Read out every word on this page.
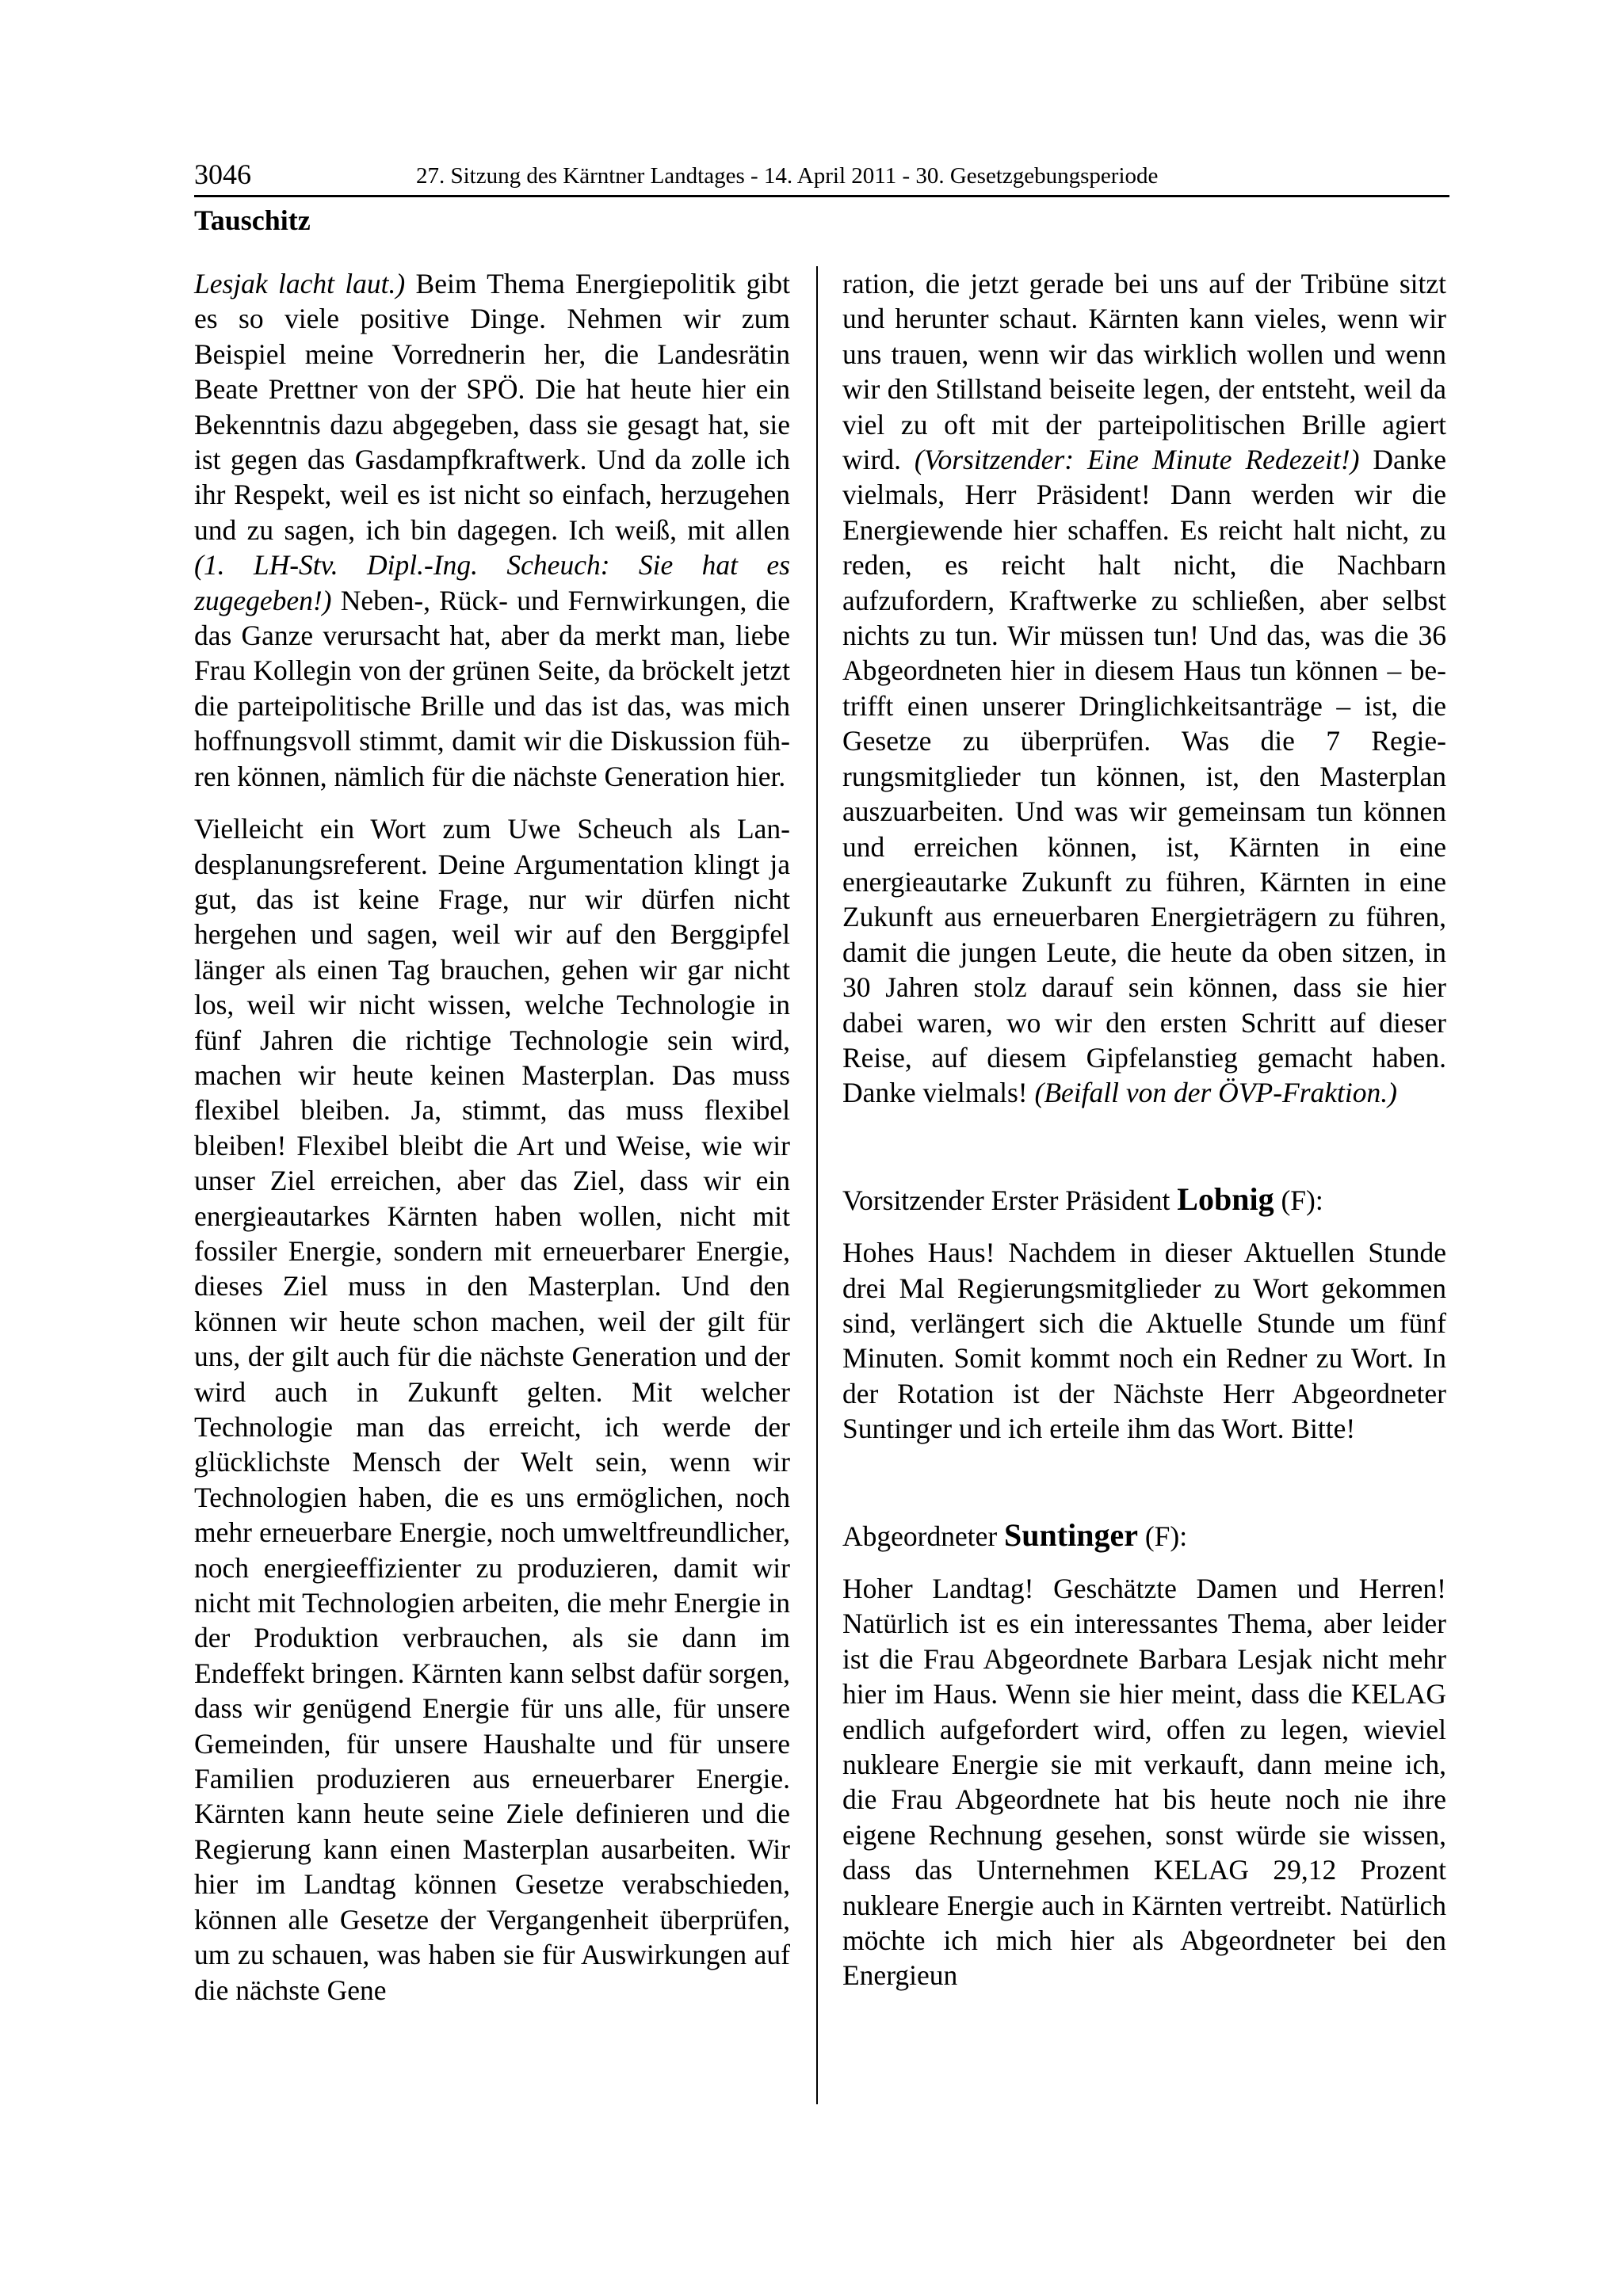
3046	27. Sitzung des Kärntner Landtages - 14. April 2011 - 30. Gesetzgebungsperiode
Tauschitz

Lesjak lacht laut.) Beim Thema Energiepolitik gibt es so viele positive Dinge. Nehmen wir zum Beispiel meine Vorrednerin her, die Landesrätin Beate Prettner von der SPÖ. Die hat heute hier ein Bekenntnis dazu abgegeben, dass sie gesagt hat, sie ist gegen das Gasdampfkraftwerk. Und da zolle ich ihr Respekt, weil es ist nicht so einfach, herzugehen und zu sagen, ich bin dagegen. Ich weiß, mit allen (1. LH-Stv. Dipl.-Ing. Scheuch: Sie hat es zugegeben!) Neben-, Rück- und Fernwirkungen, die das Ganze verursacht hat, aber da merkt man, liebe Frau Kollegin von der grünen Seite, da bröckelt jetzt die parteipolitische Brille und das ist das, was mich hoffnungsvoll stimmt, damit wir die Diskussion führen können, nämlich für die nächste Generation hier.

Vielleicht ein Wort zum Uwe Scheuch als Landesplanungsreferent. Deine Argumentation klingt ja gut, das ist keine Frage, nur wir dürfen nicht hergehen und sagen, weil wir auf den Berggipfel länger als einen Tag brauchen, gehen wir gar nicht los, weil wir nicht wissen, welche Technologie in fünf Jahren die richtige Technologie sein wird, machen wir heute keinen Masterplan. Das muss flexibel bleiben. Ja, stimmt, das muss flexibel bleiben! Flexibel bleibt die Art und Weise, wie wir unser Ziel erreichen, aber das Ziel, dass wir ein energieautarkes Kärnten haben wollen, nicht mit fossiler Energie, sondern mit erneuerbarer Energie, dieses Ziel muss in den Masterplan. Und den können wir heute schon machen, weil der gilt für uns, der gilt auch für die nächste Generation und der wird auch in Zukunft gelten. Mit welcher Technologie man das erreicht, ich werde der glücklichste Mensch der Welt sein, wenn wir Technologien haben, die es uns ermöglichen, noch mehr erneuerbare Energie, noch umweltfreundlicher, noch energieeffizienter zu produzieren, damit wir nicht mit Technologien arbeiten, die mehr Energie in der Produktion verbrauchen, als sie dann im Endeffekt bringen. Kärnten kann selbst dafür sorgen, dass wir genügend Energie für uns alle, für unsere Gemeinden, für unsere Haushalte und für unsere Familien produzieren aus erneuerbarer Energie. Kärnten kann heute seine Ziele definieren und die Regierung kann einen Masterplan ausarbeiten. Wir hier im Landtag können Gesetze verabschieden, können alle Gesetze der Vergangenheit überprüfen, um zu schauen, was haben sie für Auswirkungen auf die nächste Gene

ration, die jetzt gerade bei uns auf der Tribüne sitzt und herunter schaut. Kärnten kann vieles, wenn wir uns trauen, wenn wir das wirklich wollen und wenn wir den Stillstand beiseite legen, der entsteht, weil da viel zu oft mit der parteipolitischen Brille agiert wird. (Vorsitzender: Eine Minute Redezeit!) Danke vielmals, Herr Präsident! Dann werden wir die Energiewende hier schaffen. Es reicht halt nicht, zu reden, es reicht halt nicht, die Nachbarn aufzufordern, Kraftwerke zu schließen, aber selbst nichts zu tun. Wir müssen tun! Und das, was die 36 Abgeordneten hier in diesem Haus tun können – betrifft einen unserer Dringlichkeitsanträge – ist, die Gesetze zu überprüfen. Was die 7 Regierungsmitglieder tun können, ist, den Masterplan auszuarbeiten. Und was wir gemeinsam tun können und erreichen können, ist, Kärnten in eine energieautarke Zukunft zu führen, Kärnten in eine Zukunft aus erneuerbaren Energieträgern zu führen, damit die jungen Leute, die heute da oben sitzen, in 30 Jahren stolz darauf sein können, dass sie hier dabei waren, wo wir den ersten Schritt auf dieser Reise, auf diesem Gipfelanstieg gemacht haben. Danke vielmals! (Beifall von der ÖVP-Fraktion.)

Vorsitzender Erster Präsident Lobnig (F):

Hohes Haus! Nachdem in dieser Aktuellen Stunde drei Mal Regierungsmitglieder zu Wort gekommen sind, verlängert sich die Aktuelle Stunde um fünf Minuten. Somit kommt noch ein Redner zu Wort. In der Rotation ist der Nächste Herr Abgeordneter Suntinger und ich erteile ihm das Wort. Bitte!

Abgeordneter Suntinger (F):

Hoher Landtag! Geschätzte Damen und Herren! Natürlich ist es ein interessantes Thema, aber leider ist die Frau Abgeordnete Barbara Lesjak nicht mehr hier im Haus. Wenn sie hier meint, dass die KELAG endlich aufgefordert wird, offen zu legen, wieviel nukleare Energie sie mit verkauft, dann meine ich, die Frau Abgeordnete hat bis heute noch nie ihre eigene Rechnung gesehen, sonst würde sie wissen, dass das Unternehmen KELAG 29,12 Prozent nukleare Energie auch in Kärnten vertreibt. Natürlich möchte ich mich hier als Abgeordneter bei den Energieun
